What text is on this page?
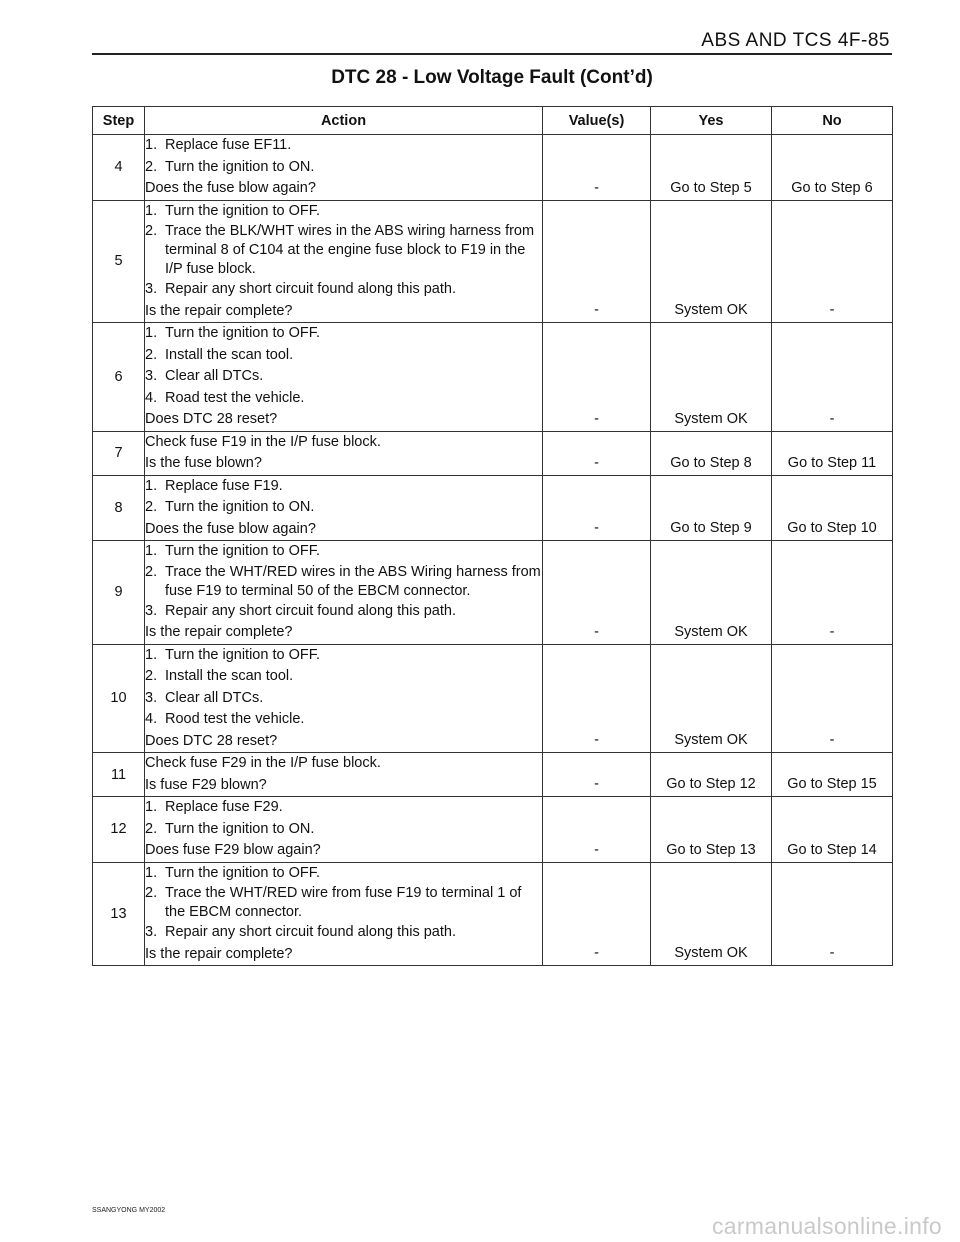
ABS AND TCS 4F-85
DTC 28 - Low Voltage Fault (Cont’d)
Step	Action	Value(s)	Yes	No
4	1. Replace fuse EF11.
2. Turn the ignition to ON.
Does the fuse blow again?	-	Go to Step 5	Go to Step 6
5	1. Turn the ignition to OFF.
2. Trace the BLK/WHT wires in the ABS wiring harness from terminal 8 of C104 at the engine fuse block to F19 in the I/P fuse block.
3. Repair any short circuit found along this path.
Is the repair complete?	-	System OK	-
6	1. Turn the ignition to OFF.
2. Install the scan tool.
3. Clear all DTCs.
4. Road test the vehicle.
Does DTC 28 reset?	-	System OK	-
7	Check fuse F19 in the I/P fuse block.
Is the fuse blown?	-	Go to Step 8	Go to Step 11
8	1. Replace fuse F19.
2. Turn the ignition to ON.
Does the fuse blow again?	-	Go to Step 9	Go to Step 10
9	1. Turn the ignition to OFF.
2. Trace the WHT/RED wires in the ABS Wiring harness from fuse F19 to terminal 50 of the EBCM connector.
3. Repair any short circuit found along this path.
Is the repair complete?	-	System OK	-
10	1. Turn the ignition to OFF.
2. Install the scan tool.
3. Clear all DTCs.
4. Rood test the vehicle.
Does DTC 28 reset?	-	System OK	-
11	Check fuse F29 in the I/P fuse block.
Is fuse F29 blown?	-	Go to Step 12	Go to Step 15
12	1. Replace fuse F29.
2. Turn the ignition to ON.
Does fuse F29 blow again?	-	Go to Step 13	Go to Step 14
13	1. Turn the ignition to OFF.
2. Trace the WHT/RED wire from fuse F19 to terminal 1 of the EBCM connector.
3. Repair any short circuit found along this path.
Is the repair complete?	-	System OK	-
SSANGYONG MY2002
carmanualsonline.info
